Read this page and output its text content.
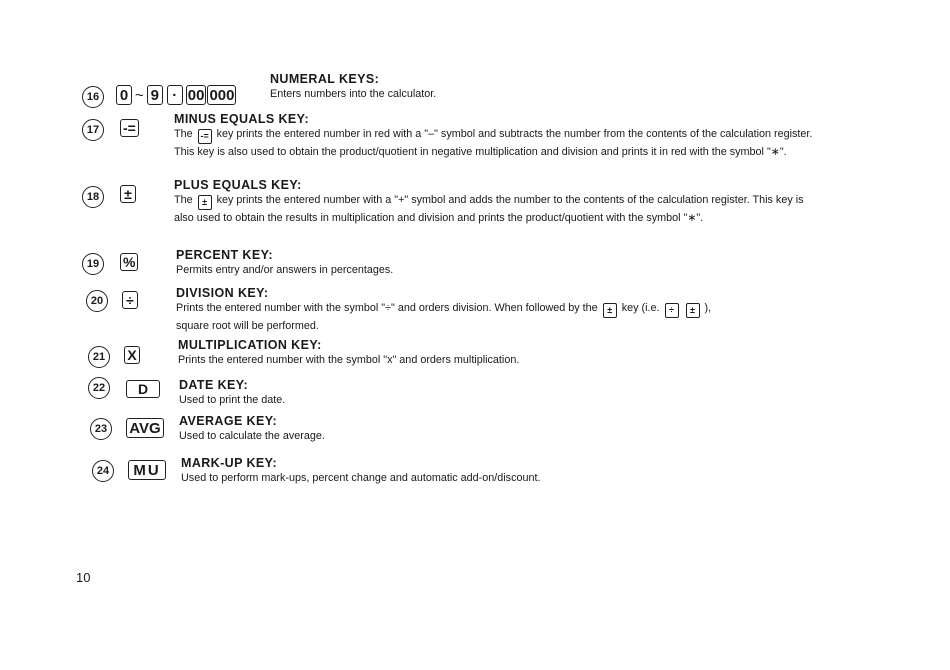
16	0 ~ 9 · 00 000
NUMERAL KEYS:
Enters numbers into the calculator.
17	-=
MINUS EQUALS KEY:
The -= key prints the entered number in red with a "–" symbol and subtracts the number from the contents of the calculation register. This key is also used to obtain the product/quotient in negative multiplication and division and prints it in red with the symbol "∗".
18	±
PLUS EQUALS KEY:
The ± key prints the entered number with a "+" symbol and adds the number to the contents of the calculation register. This key is also used to obtain the results in multiplication and division and prints the product/quotient with the symbol "∗".
19	%	PERCENT KEY:
Permits entry and/or answers in percentages.
20	÷	DIVISION KEY:
Prints the entered number with the symbol "÷" and orders division. When followed by the ± key (i.e. ÷ ± ),
square root will be performed.
21	X
MULTIPLICATION KEY:
Prints the entered number with the symbol "x" and orders multiplication.
22	D	DATE KEY:
Used to print the date.
23	AVG AVERAGE KEY:
Used to calculate the average.
24	MU	MARK-UP KEY:
Used to perform mark-ups, percent change and automatic add-on/discount.
10
